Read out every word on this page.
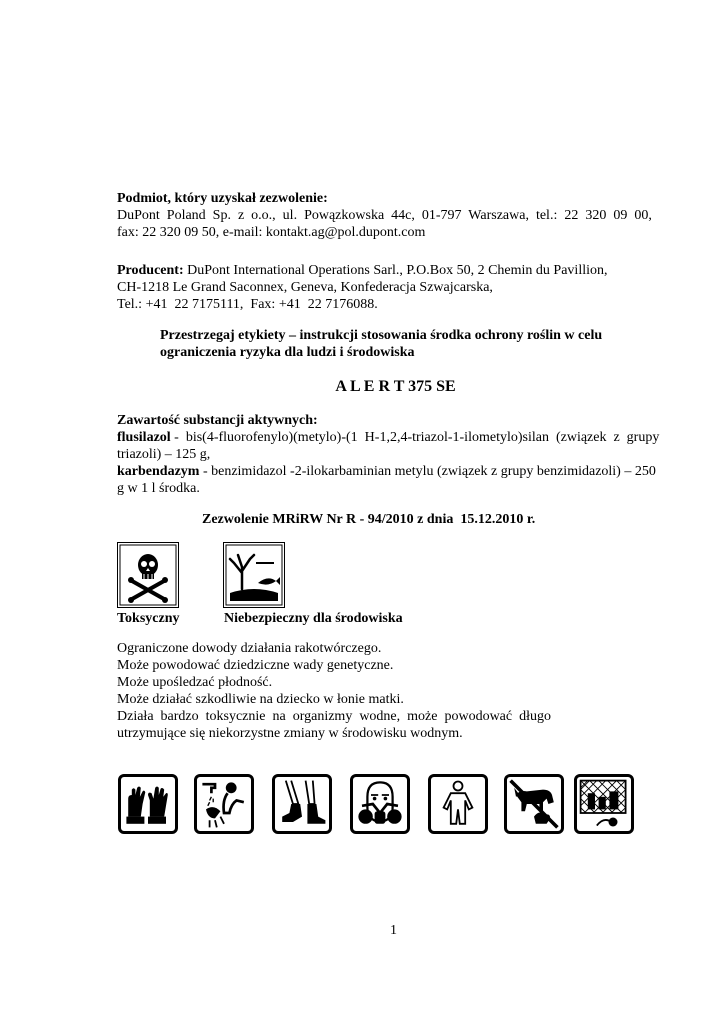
Podmiot, który uzyskał zezwolenie:
DuPont  Poland  Sp.  z  o.o.,  ul.  Powązkowska  44c,  01-797  Warszawa,  tel.:  22  320  09  00,
fax: 22 320 09 50, e-mail: kontakt.ag@pol.dupont.com
Producent: DuPont International Operations Sarl., P.O.Box 50, 2 Chemin du Pavillion,
CH-1218 Le Grand Saconnex, Geneva, Konfederacja Szwajcarska,
Tel.: +41  22 7175111,  Fax: +41  22 7176088.
Przestrzegaj etykiety – instrukcji stosowania środka ochrony roślin w celu
ograniczenia ryzyka dla ludzi i środowiska
A L E R T 375 SE
Zawartość substancji aktywnych:
flusilazol -  bis(4-fluorofenylo)(metylo)-(1  H-1,2,4-triazol-1-ilometylo)silan  (związek  z  grupy
triazoli) – 125 g,
karbendazym - benzimidazol -2-ilokarbaminian metylu (związek z grupy benzimidazoli) – 250
g w 1 l środka.
Zezwolenie MRiRW Nr R - 94/2010 z dnia  15.12.2010 r.
Toksyczny	Niebezpieczny dla środowiska
Ograniczone dowody działania rakotwórczego.
Może powodować dziedziczne wady genetyczne.
Może upośledzać płodność.
Może działać szkodliwie na dziecko w łonie matki.
Działa  bardzo  toksycznie  na  organizmy  wodne,  może  powodować  długo
utrzymujące się niekorzystne zmiany w środowisku wodnym.
1
